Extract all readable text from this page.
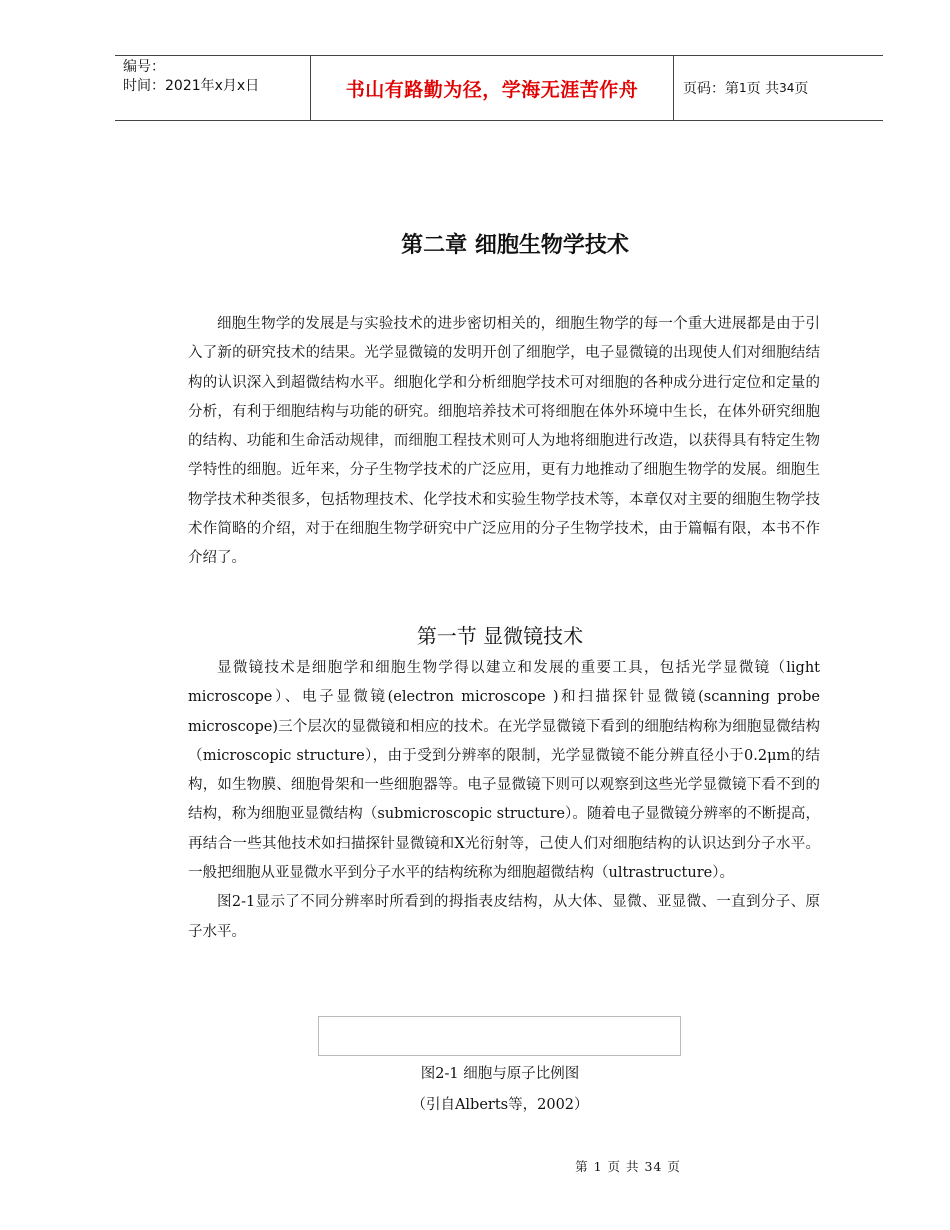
编号：
时间：2021年x月x日	书山有路勤为径，学海无涯苦作舟	页码：第 1 页 共 34 页
第二章 细胞生物学技术

细胞生物学的发展是与实验技术的进步密切相关的，细胞生物学的每一个重大进展都是由于引入了新的研究技术的结果。光学显微镜的发明开创了细胞学，电子显微镜的出现使人们对细胞结结构的认识深入到超微结构水平。细胞化学和分析细胞学技术可对细胞的各种成分进行定位和定量的分析，有利于细胞结构与功能的研究。细胞培养技术可将细胞在体外环境中生长，在体外研究细胞的结构、功能和生命活动规律，而细胞工程技术则可人为地将细胞进行改造，以获得具有特定生物学特性的细胞。近年来，分子生物学技术的广泛应用，更有力地推动了细胞生物学的发展。细胞生物学技术种类很多，包括物理技术、化学技术和实验生物学技术等，本章仅对主要的细胞生物学技术作简略的介绍，对于在细胞生物学研究中广泛应用的分子生物学技术，由于篇幅有限，本书不作介绍了。

第一节 显微镜技术

显微镜技术是细胞学和细胞生物学得以建立和发展的重要工具，包括光学显微镜（light microscope）、电子显微镜(electron microscope )和扫描探针显微镜(scanning probe microscope)三个层次的显微镜和相应的技术。在光学显微镜下看到的细胞结构称为细胞显微结构（microscopic structure），由于受到分辨率的限制，光学显微镜不能分辨直径小于0.2μm的结构，如生物膜、细胞骨架和一些细胞器等。电子显微镜下则可以观察到这些光学显微镜下看不到的结构，称为细胞亚显微结构（submicroscopic structure）。随着电子显微镜分辨率的不断提高，再结合一些其他技术如扫描探针显微镜和X光衍射等，己使人们对细胞结构的认识达到分子水平。一般把细胞从亚显微水平到分子水平的结构统称为细胞超微结构（ultrastructure）。

图2-1显示了不同分辨率时所看到的拇指表皮结构，从大体、显微、亚显微、一直到分子、原子水平。

图2-1 细胞与原子比例图
（引自Alberts等，2002）
第 1 页 共 34 页
